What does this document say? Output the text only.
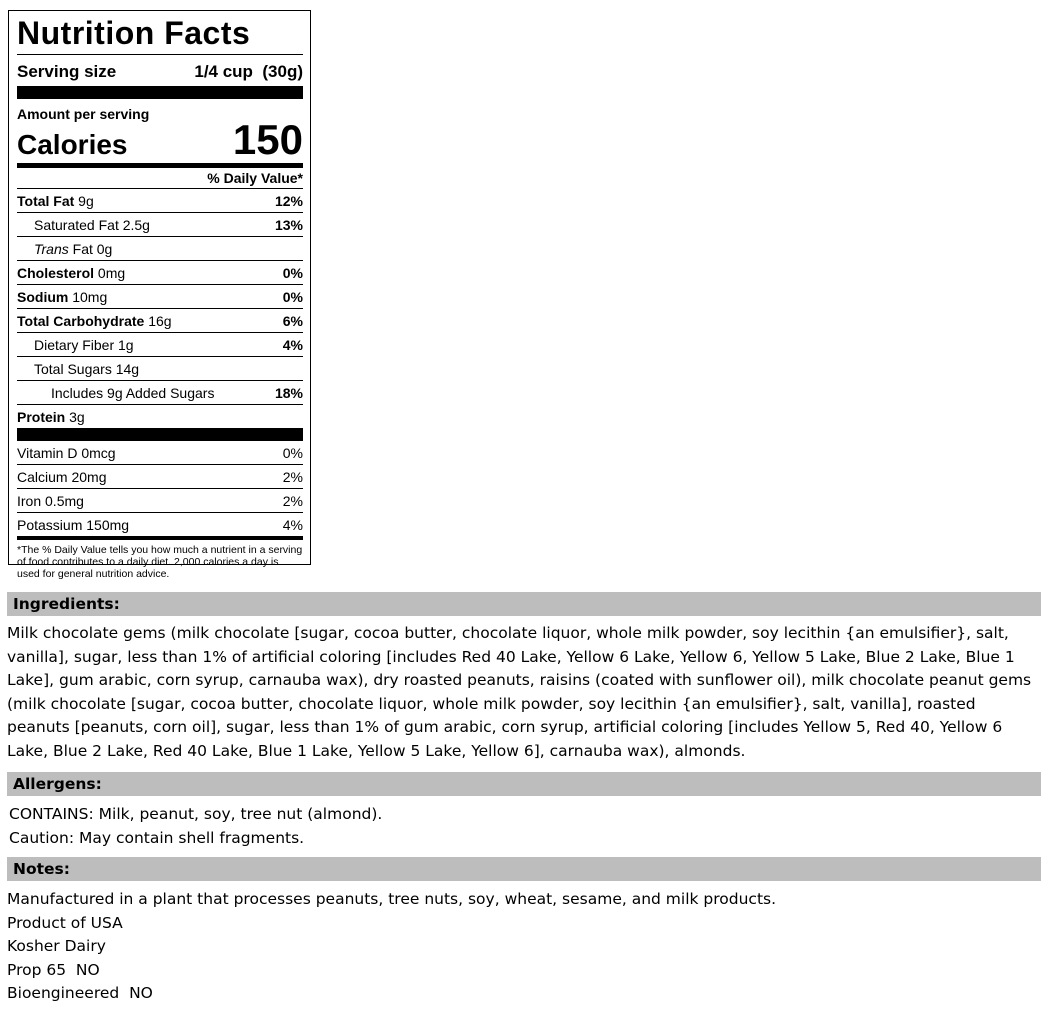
Nutrition Facts
Serving size	1/4 cup  (30g)
Amount per serving
Calories	150
% Daily Value*
Total Fat 9g	12%
Saturated Fat 2.5g	13%
Trans Fat 0g
Cholesterol 0mg	0%
Sodium 10mg	0%
Total Carbohydrate 16g	6%
Dietary Fiber 1g	4%
Total Sugars 14g
Includes 9g Added Sugars	18%
Protein 3g
Vitamin D 0mcg	0%
Calcium 20mg	2%
Iron 0.5mg	2%
Potassium 150mg	4%
*The % Daily Value tells you how much a nutrient in a serving of food contributes to a daily diet. 2,000 calories a day is used for general nutrition advice.
Ingredients:
Milk chocolate gems (milk chocolate [sugar, cocoa butter, chocolate liquor, whole milk powder, soy lecithin {an emulsifier}, salt,
vanilla], sugar, less than 1% of artificial coloring [includes Red 40 Lake, Yellow 6 Lake, Yellow 6, Yellow 5 Lake, Blue 2 Lake, Blue 1
Lake], gum arabic, corn syrup, carnauba wax), dry roasted peanuts, raisins (coated with sunflower oil), milk chocolate peanut gems
(milk chocolate [sugar, cocoa butter, chocolate liquor, whole milk powder, soy lecithin {an emulsifier}, salt, vanilla], roasted
peanuts [peanuts, corn oil], sugar, less than 1% of gum arabic, corn syrup, artificial coloring [includes Yellow 5, Red 40, Yellow 6
Lake, Blue 2 Lake, Red 40 Lake, Blue 1 Lake, Yellow 5 Lake, Yellow 6], carnauba wax), almonds.
Allergens:
CONTAINS: Milk, peanut, soy, tree nut (almond).
Caution: May contain shell fragments.
Notes:
Manufactured in a plant that processes peanuts, tree nuts, soy, wheat, sesame, and milk products.
Product of USA
Kosher Dairy
Prop 65  NO
Bioengineered  NO
